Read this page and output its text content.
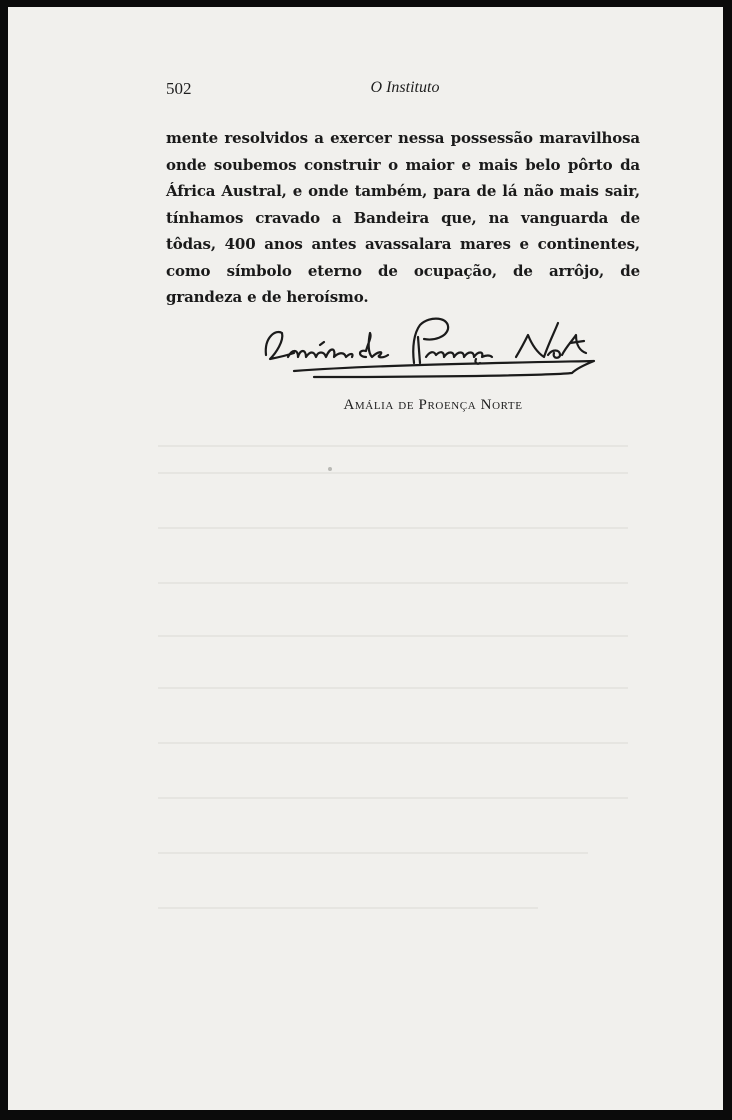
502	O Instituto

mente resolvidos a exercer nessa possessão maravilhosa onde soubemos construir o maior e mais belo pôrto da África Austral, e onde também, para de lá não mais sair, tínhamos cravado a Bandeira que, na vanguarda de tôdas, 400 anos antes avassalara mares e continentes, como símbolo eterno de ocupação, de arrôjo, de grandeza e de heroísmo.

Amália de Proença Norte
